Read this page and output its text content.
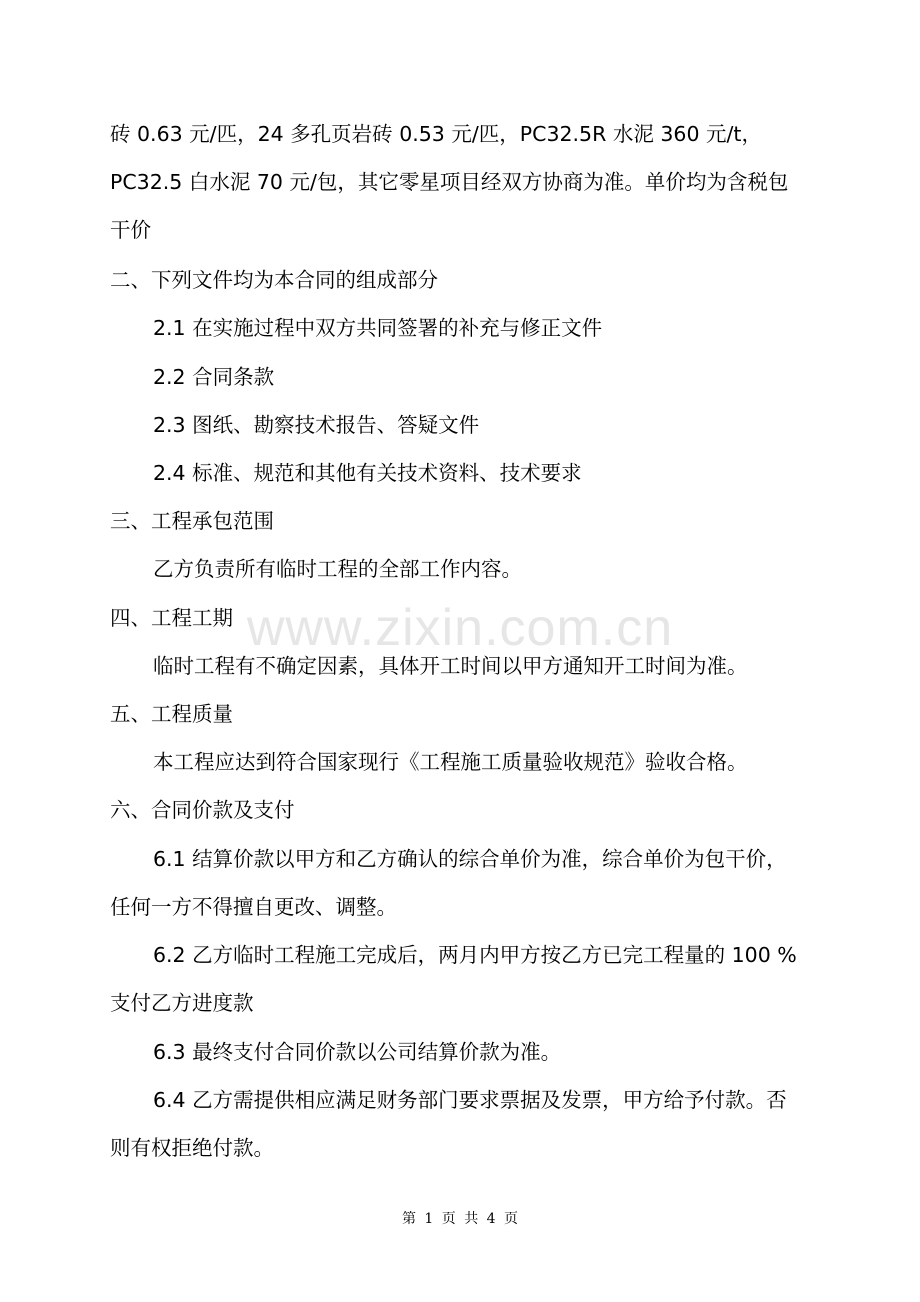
www.zixin.com.cn
砖 0.63 元/匹，24 多孔页岩砖 0.53 元/匹，PC32.5R 水泥 360 元/t，
PC32.5 白水泥 70 元/包，其它零星项目经双方协商为准。单价均为含税包
干价
二、下列文件均为本合同的组成部分
2.1 在实施过程中双方共同签署的补充与修正文件
2.2 合同条款
2.3 图纸、勘察技术报告、答疑文件
2.4 标准、规范和其他有关技术资料、技术要求
三、工程承包范围
乙方负责所有临时工程的全部工作内容。
四、工程工期
临时工程有不确定因素，具体开工时间以甲方通知开工时间为准。
五、工程质量
本工程应达到符合国家现行《工程施工质量验收规范》验收合格。
六、合同价款及支付
6.1 结算价款以甲方和乙方确认的综合单价为准，综合单价为包干价，
任何一方不得擅自更改、调整。
6.2 乙方临时工程施工完成后，两月内甲方按乙方已完工程量的 100 %
支付乙方进度款
6.3 最终支付合同价款以公司结算价款为准。
6.4 乙方需提供相应满足财务部门要求票据及发票，甲方给予付款。否
则有权拒绝付款。
第 1 页 共 4 页
